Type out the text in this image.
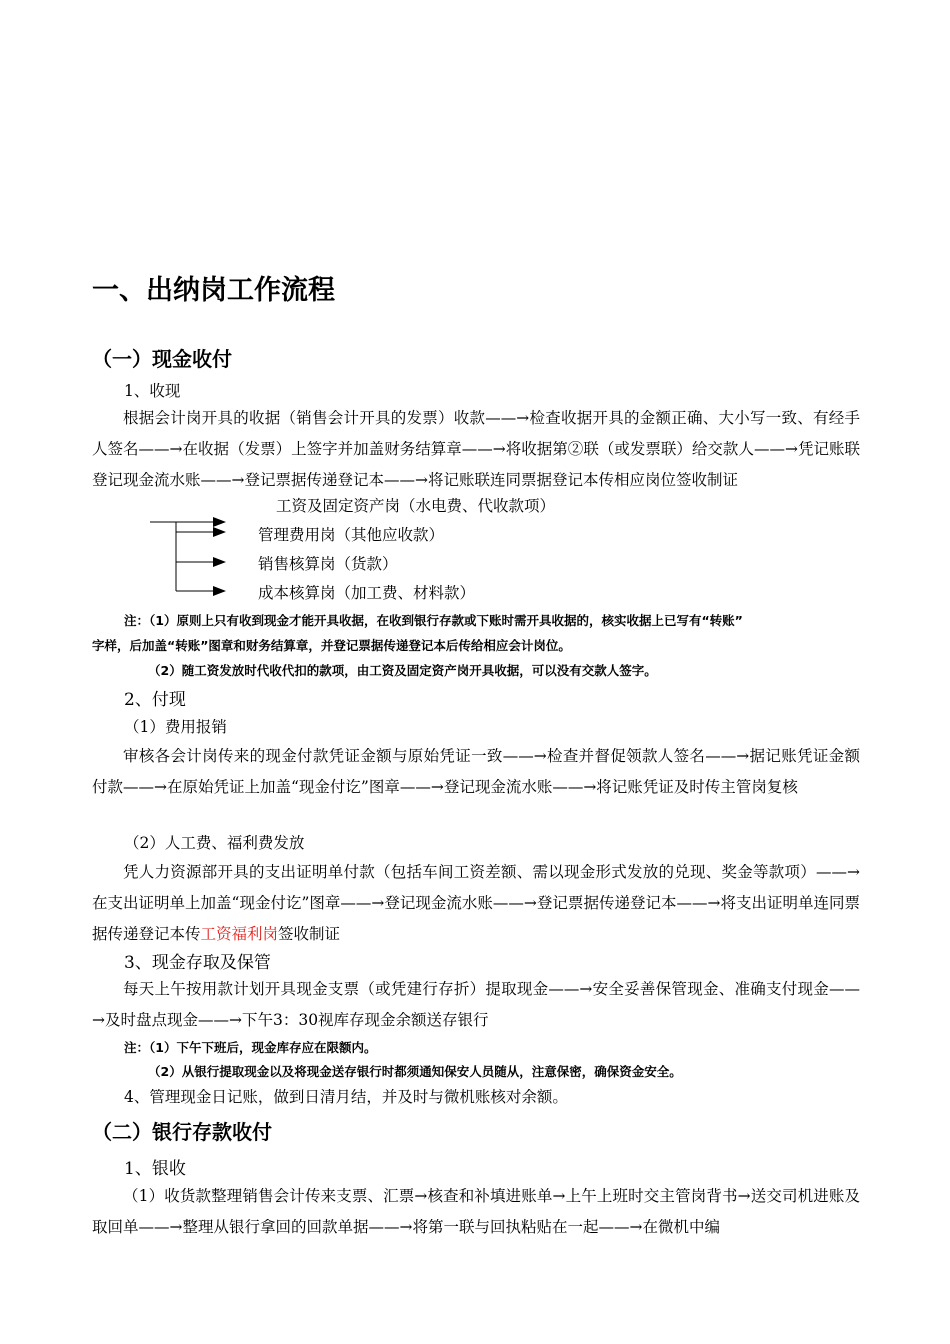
一、出纳岗工作流程
（一）现金收付
1、收现
根据会计岗开具的收据（销售会计开具的发票）收款——→检查收据开具的金额正确、大小写一致、有经手人签名——→在收据（发票）上签字并加盖财务结算章——→将收据第②联（或发票联）给交款人——→凭记账联登记现金流水账——→登记票据传递登记本——→将记账联连同票据登记本传相应岗位签收制证
工资及固定资产岗（水电费、代收款项）
管理费用岗（其他应收款）
销售核算岗（货款）
成本核算岗（加工费、材料款）
注：（1）原则上只有收到现金才能开具收据，在收到银行存款或下账时需开具收据的，核实收据上已写有“转账”
字样，后加盖“转账”图章和财务结算章，并登记票据传递登记本后传给相应会计岗位。
（2）随工资发放时代收代扣的款项，由工资及固定资产岗开具收据，可以没有交款人签字。
2、付现
（1）费用报销
审核各会计岗传来的现金付款凭证金额与原始凭证一致——→检查并督促领款人签名——→据记账凭证金额付款——→在原始凭证上加盖“现金付讫”图章——→登记现金流水账——→将记账凭证及时传主管岗复核
（2）人工费、福利费发放
凭人力资源部开具的支出证明单付款（包括车间工资差额、需以现金形式发放的兑现、奖金等款项）——→在支出证明单上加盖“现金付讫”图章——→登记现金流水账——→登记票据传递登记本——→将支出证明单连同票据传递登记本传工资福利岗签收制证
3、现金存取及保管
每天上午按用款计划开具现金支票（或凭建行存折）提取现金——→安全妥善保管现金、准确支付现金——→及时盘点现金——→下午3：30视库存现金余额送存银行
注：（1）下午下班后，现金库存应在限额内。
（2）从银行提取现金以及将现金送存银行时都须通知保安人员随从，注意保密，确保资金安全。
4、管理现金日记账，做到日清月结，并及时与微机账核对余额。
（二）银行存款收付
1、银收
（1）收货款整理销售会计传来支票、汇票→核查和补填进账单→上午上班时交主管岗背书→送交司机进账及取回单——→整理从银行拿回的回款单据——→将第一联与回执粘贴在一起——→在微机中编
